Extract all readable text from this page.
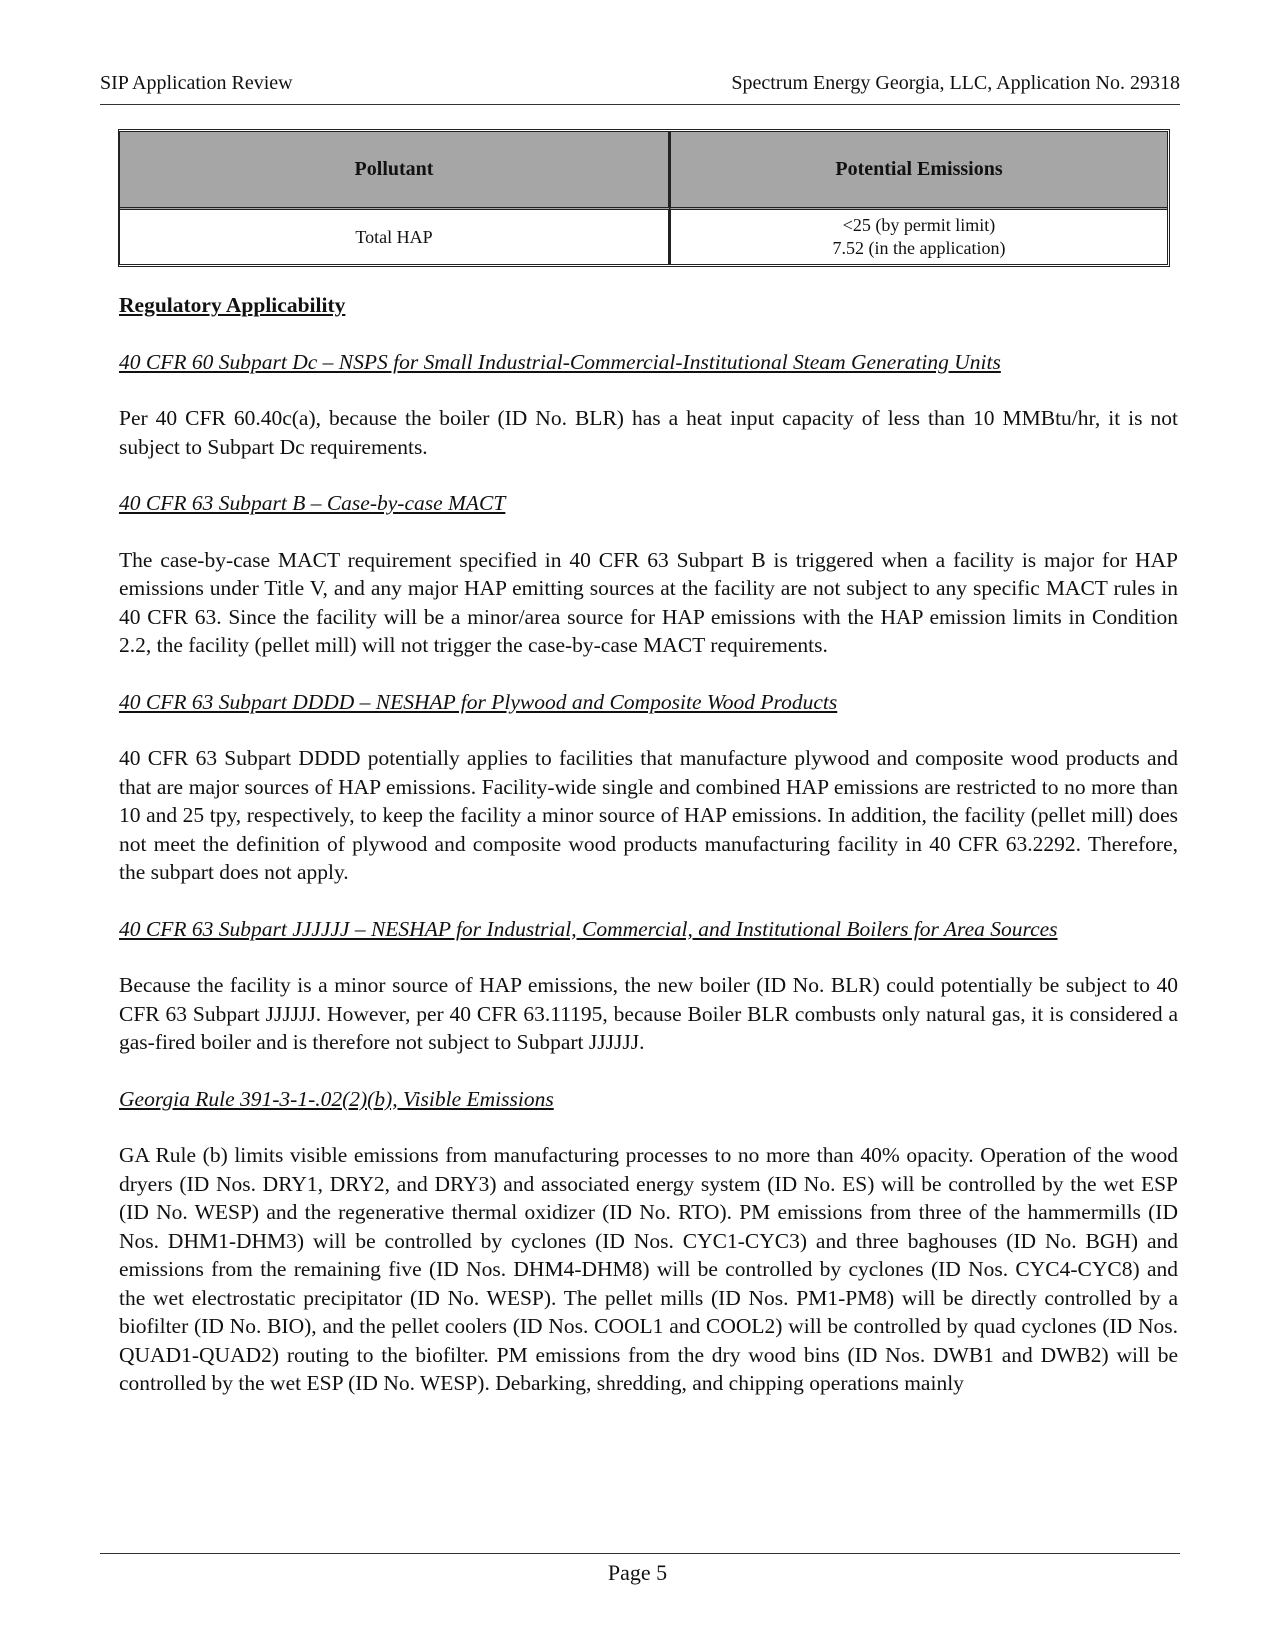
SIP Application Review	Spectrum Energy Georgia, LLC, Application No. 29318
Pollutant	Potential Emissions
Total HAP	<25 (by permit limit)
7.52 (in the application)

Regulatory Applicability

40 CFR 60 Subpart Dc – NSPS for Small Industrial-Commercial-Institutional Steam Generating Units

Per 40 CFR 60.40c(a), because the boiler (ID No. BLR) has a heat input capacity of less than 10 MMBtu/hr, it is not subject to Subpart Dc requirements.

40 CFR 63 Subpart B – Case-by-case MACT

The case-by-case MACT requirement specified in 40 CFR 63 Subpart B is triggered when a facility is major for HAP emissions under Title V, and any major HAP emitting sources at the facility are not subject to any specific MACT rules in 40 CFR 63. Since the facility will be a minor/area source for HAP emissions with the HAP emission limits in Condition 2.2, the facility (pellet mill) will not trigger the case-by-case MACT requirements.

40 CFR 63 Subpart DDDD – NESHAP for Plywood and Composite Wood Products

40 CFR 63 Subpart DDDD potentially applies to facilities that manufacture plywood and composite wood products and that are major sources of HAP emissions. Facility-wide single and combined HAP emissions are restricted to no more than 10 and 25 tpy, respectively, to keep the facility a minor source of HAP emissions. In addition, the facility (pellet mill) does not meet the definition of plywood and composite wood products manufacturing facility in 40 CFR 63.2292. Therefore, the subpart does not apply.

40 CFR 63 Subpart JJJJJJ – NESHAP for Industrial, Commercial, and Institutional Boilers for Area Sources

Because the facility is a minor source of HAP emissions, the new boiler (ID No. BLR) could potentially be subject to 40 CFR 63 Subpart JJJJJJ. However, per 40 CFR 63.11195, because Boiler BLR combusts only natural gas, it is considered a gas-fired boiler and is therefore not subject to Subpart JJJJJJ.

Georgia Rule 391-3-1-.02(2)(b), Visible Emissions

GA Rule (b) limits visible emissions from manufacturing processes to no more than 40% opacity. Operation of the wood dryers (ID Nos. DRY1, DRY2, and DRY3) and associated energy system (ID No. ES) will be controlled by the wet ESP (ID No. WESP) and the regenerative thermal oxidizer (ID No. RTO). PM emissions from three of the hammermills (ID Nos. DHM1-DHM3) will be controlled by cyclones (ID Nos. CYC1-CYC3) and three baghouses (ID No. BGH) and emissions from the remaining five (ID Nos. DHM4-DHM8) will be controlled by cyclones (ID Nos. CYC4-CYC8) and the wet electrostatic precipitator (ID No. WESP). The pellet mills (ID Nos. PM1-PM8) will be directly controlled by a biofilter (ID No. BIO), and the pellet coolers (ID Nos. COOL1 and COOL2) will be controlled by quad cyclones (ID Nos. QUAD1-QUAD2) routing to the biofilter. PM emissions from the dry wood bins (ID Nos. DWB1 and DWB2) will be controlled by the wet ESP (ID No. WESP). Debarking, shredding, and chipping operations mainly

Page 5
